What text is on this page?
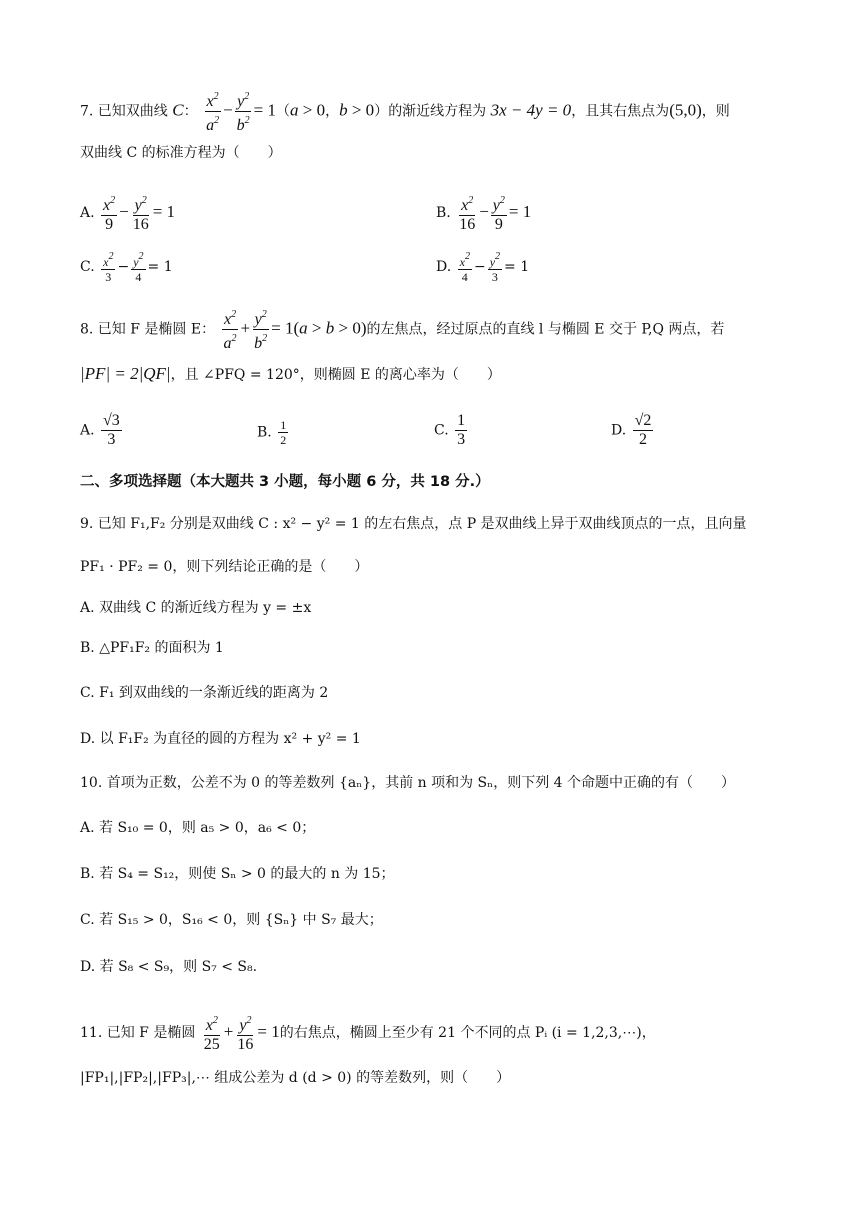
7. 已知双曲线 C： $\frac{x^2}{a^2} - \frac{y^2}{b^2} = 1(a > 0$，b > 0）的渐近线方程为 3x − 4y = 0，且其右焦点为(5,0)，则
双曲线 C 的标准方程为（　　）
A. $\frac{x^2}{9} - \frac{y^2}{16} = 1$	B. $\frac{x^2}{16} - \frac{y^2}{9} = 1$
C. $\frac{x^2}{3} - \frac{y^2}{4} = 1$	D. $\frac{x^2}{4} - \frac{y^2}{3} = 1$
8. 已知 F 是椭圆 E： $\frac{x^2}{a^2} + \frac{y^2}{b^2} = 1(a > b > 0)$的左焦点，经过原点的直线 l 与椭圆 E 交于 P,Q 两点，若
|PF| = 2|QF|，且 ∠PFQ = 120°，则椭圆 E 的离心率为（　　）
A. $\frac{√3}{3}$	B. $\frac{1}{2}$	C. $\frac{1}{3}$	D. $\frac{√2}{2}$
二、多项选择题（本大题共 3 小题，每小题 6 分，共 18 分.）
9. 已知 F₁,F₂ 分别是双曲线 C : x² − y² = 1 的左右焦点，点 P 是双曲线上异于双曲线顶点的一点，且向量
PF₁ · PF₂ = 0，则下列结论正确的是（　　）
A. 双曲线 C 的渐近线方程为 y = ±x
B. △PF₁F₂ 的面积为 1
C. F₁ 到双曲线的一条渐近线的距离为 2
D. 以 F₁F₂ 为直径的圆的方程为 x² + y² = 1
10. 首项为正数，公差不为 0 的等差数列 {aₙ}，其前 n 项和为 Sₙ，则下列 4 个命题中正确的有（　　）
A. 若 S₁₀ = 0，则 a₅ > 0，a₆ < 0；
B. 若 S₄ = S₁₂，则使 Sₙ > 0 的最大的 n 为 15；
C. 若 S₁₅ > 0，S₁₆ < 0，则 {Sₙ} 中 S₇ 最大；
D. 若 S₈ < S₉，则 S₇ < S₈.
11. 已知 F 是椭圆 $\frac{x^2}{25} + \frac{y^2}{16} = 1$的右焦点，椭圆上至少有 21 个不同的点 Pᵢ (i = 1,2,3,⋯)，
|FP₁|,|FP₂|,|FP₃|,⋯ 组成公差为 d (d > 0) 的等差数列，则（　　）
